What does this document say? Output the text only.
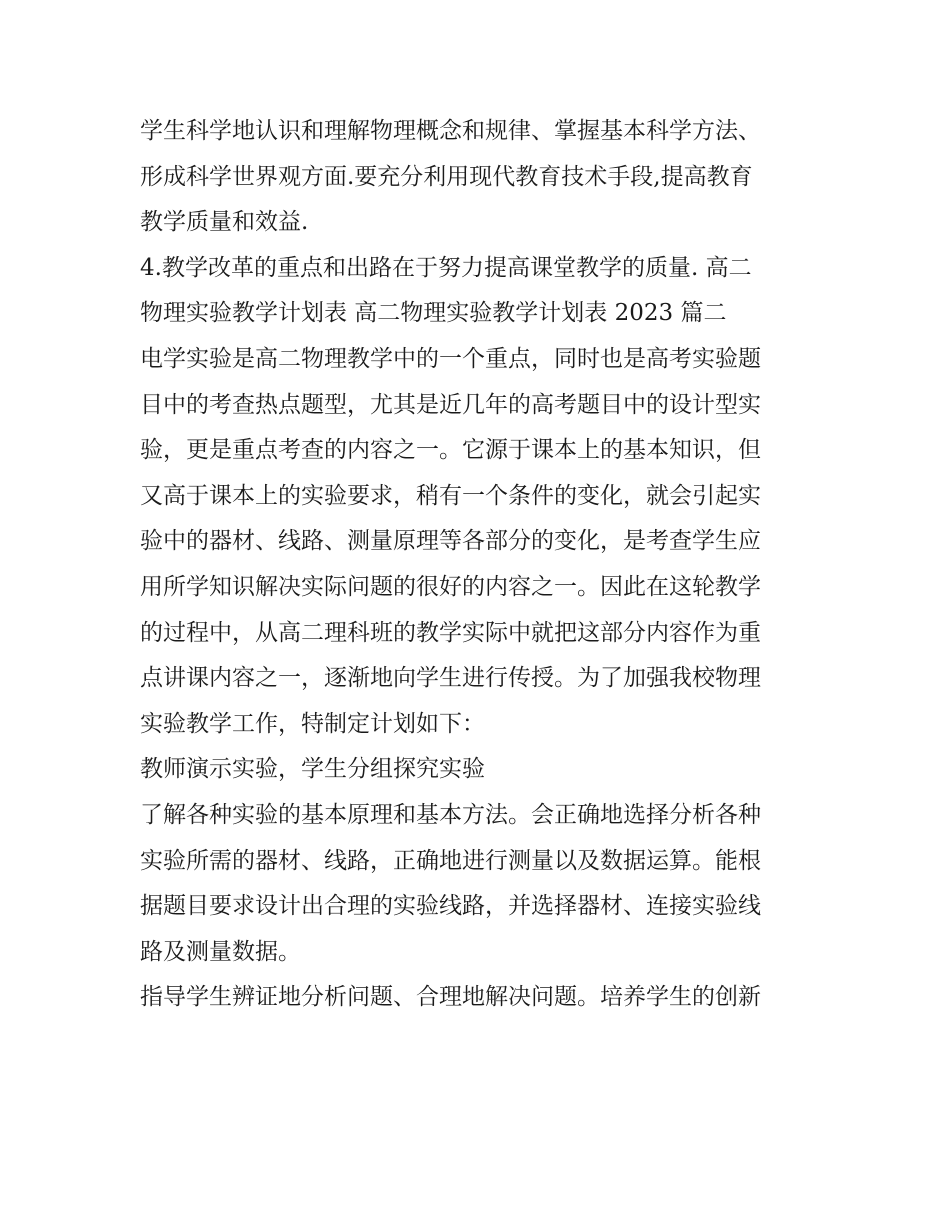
学生科学地认识和理解物理概念和规律、掌握基本科学方法、
形成科学世界观方面.要充分利用现代教育技术手段,提高教育
教学质量和效益.
4.教学改革的重点和出路在于努力提高课堂教学的质量. 高二
物理实验教学计划表 高二物理实验教学计划表 2023 篇二
电学实验是高二物理教学中的一个重点，同时也是高考实验题
目中的考查热点题型，尤其是近几年的高考题目中的设计型实
验，更是重点考查的内容之一。它源于课本上的基本知识，但
又高于课本上的实验要求，稍有一个条件的变化，就会引起实
验中的器材、线路、测量原理等各部分的变化，是考查学生应
用所学知识解决实际问题的很好的内容之一。因此在这轮教学
的过程中，从高二理科班的教学实际中就把这部分内容作为重
点讲课内容之一，逐渐地向学生进行传授。为了加强我校物理
实验教学工作，特制定计划如下：
教师演示实验，学生分组探究实验
了解各种实验的基本原理和基本方法。会正确地选择分析各种
实验所需的器材、线路，正确地进行测量以及数据运算。能根
据题目要求设计出合理的实验线路，并选择器材、连接实验线
路及测量数据。
指导学生辨证地分析问题、合理地解决问题。培养学生的创新
